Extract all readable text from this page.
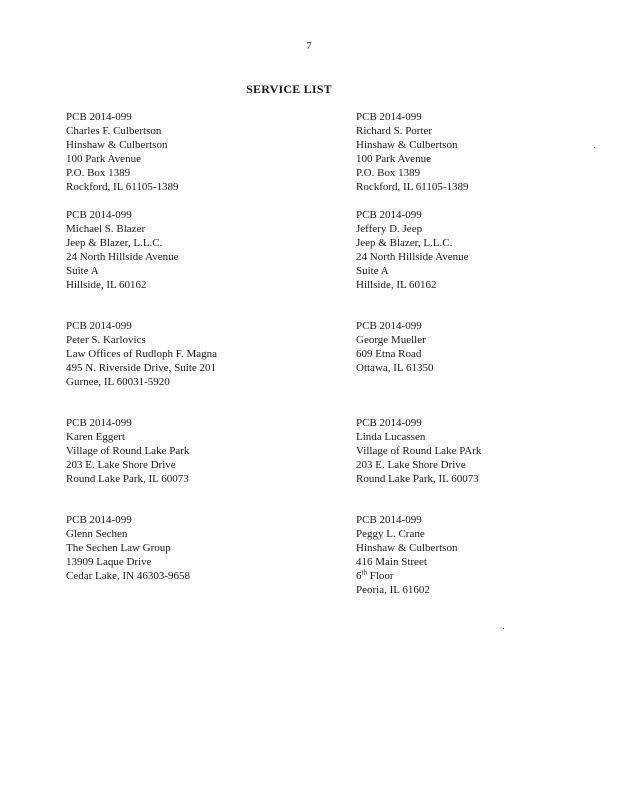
7
SERVICE LIST
PCB 2014-099
Charles F. Culbertson
Hinshaw & Culbertson
100 Park Avenue
P.O. Box 1389
Rockford, IL 61105-1389
PCB 2014-099
Richard S. Porter
Hinshaw & Culbertson
100 Park Avenue
P.O. Box 1389
Rockford, IL 61105-1389
PCB 2014-099
Michael S. Blazer
Jeep & Blazer, L.L.C.
24 North Hillside Avenue
Suite A
Hillside, IL 60162
PCB 2014-099
Jeffery D. Jeep
Jeep & Blazer, L.L.C.
24 North Hillside Avenue
Suite A
Hillside, IL 60162
PCB 2014-099
Peter S. Karlovics
Law Offices of Rudloph F. Magna
495 N. Riverside Drive, Suite 201
Gurnee, IL 60031-5920
PCB 2014-099
George Mueller
609 Etna Road
Ottawa, IL 61350
PCB 2014-099
Karen Eggert
Village of Round Lake Park
203 E. Lake Shore Drive
Round Lake Park, IL 60073
PCB 2014-099
Linda Lucassen
Village of Round Lake PArk
203 E. Lake Shore Drive
Round Lake Park, IL 60073
PCB 2014-099
Glenn Sechen
The Sechen Law Group
13909 Laque Drive
Cedar Lake, IN 46303-9658
PCB 2014-099
Peggy L. Crane
Hinshaw & Culbertson
416 Main Street
6th Floor
Peoria, IL 61602
